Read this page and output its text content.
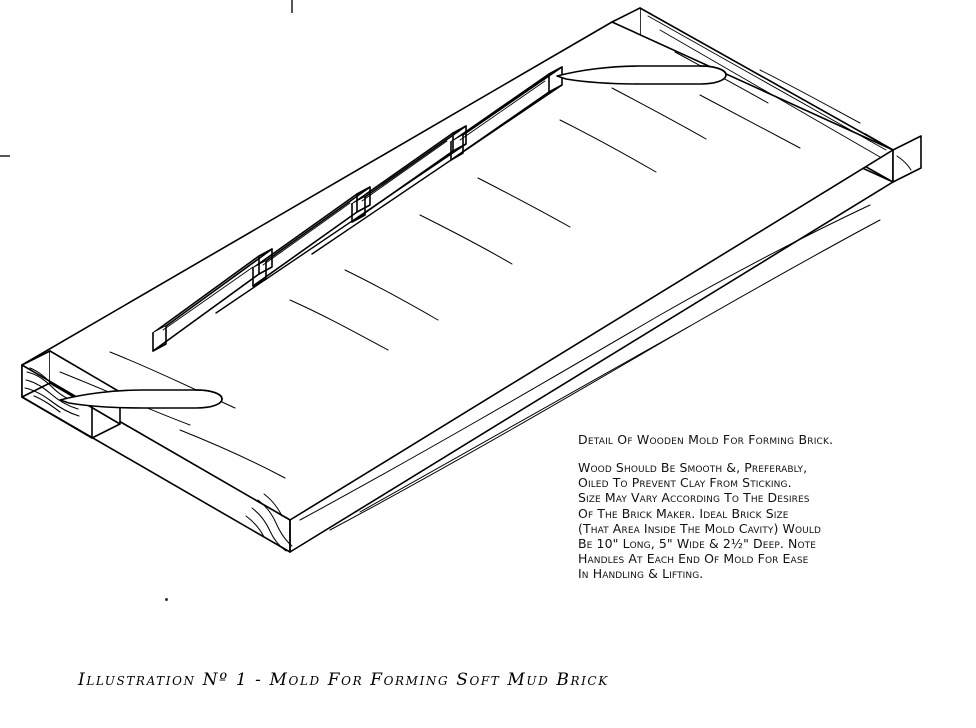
Detail Of Wooden Mold For Forming Brick.
Wood Should Be Smooth &, Preferably,
Oiled To Prevent Clay From Sticking.
Size May Vary According To The Desires
Of The Brick Maker. Ideal Brick Size
(That Area Inside The Mold Cavity) Would
Be 10" Long, 5" Wide & 2½" Deep. Note
Handles At Each End Of Mold For Ease
In Handling & Lifting.
Illustration Nº 1 - Mold For Forming Soft Mud Brick
